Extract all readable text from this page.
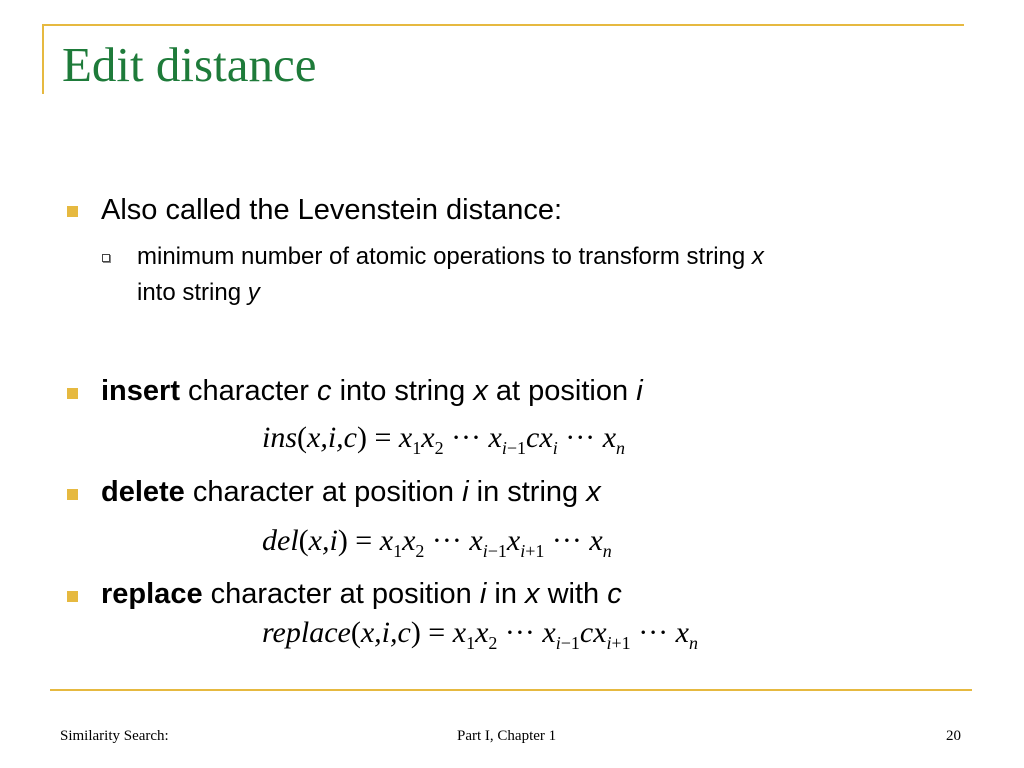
Edit distance
Also called the Levenstein distance:
minimum number of atomic operations to transform string x
into string y
insert character c into string x at position i
$ins(x,i,c) = x_1x_2$ ··· $x_{i-1}cx_i$ ··· $x_n$
delete character at position i in string x
$del(x,i) = x_1x_2$ ··· $x_{i-1}x_{i+1}$ ··· $x_n$
replace character at position i in x with c
replace(x,i,c) = $x_1x_2$ ··· $x_{i-1}cx_{i+1}$ ··· $x_n$
Similarity Search:	Part I, Chapter 1	20
